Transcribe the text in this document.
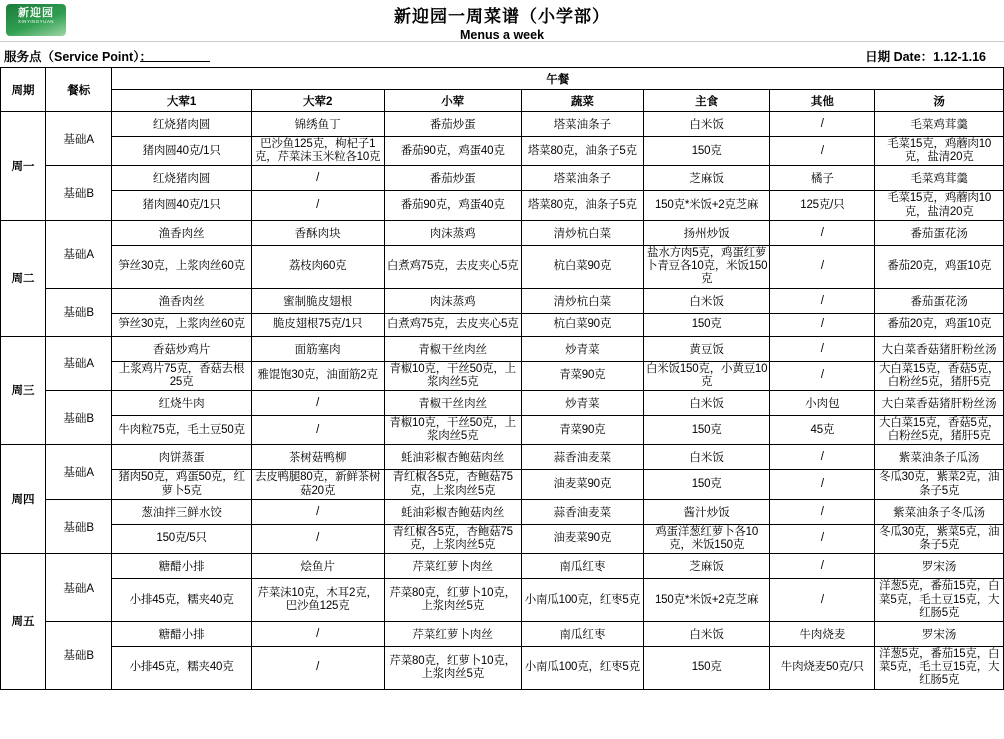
新迎园
XINYINGYUAN	新迎园一周菜谱（小学部）
Menus a week
服务点（Service Point）：	日期 Date：1.12-1.16
周期	餐标	午餐						
		大荤1	大荤2	小荤	蔬菜	主食	其他	汤
周一	基础A	红烧猪肉圆	锦绣鱼丁	番茄炒蛋	塔菜油条子	白米饭	/	毛菜鸡茸羹
		猪肉圆40克/1只	巴沙鱼125克，枸杞子1克，芹菜沫玉米粒各10克	番茄90克，鸡蛋40克	塔菜80克，油条子5克	150克	/	毛菜15克，鸡蘑肉10克，盐清20克
	基础B	红烧猪肉圆	/	番茄炒蛋	塔菜油条子	芝麻饭	橘子	毛菜鸡茸羹
		猪肉圆40克/1只	/	番茄90克，鸡蛋40克	塔菜80克，油条子5克	150克*米饭+2克芝麻	125克/只	毛菜15克，鸡蘑肉10克，盐清20克
周二	基础A	渔香肉丝	香酥肉块	肉沫蒸鸡	清炒杭白菜	扬州炒饭	/	番茄蛋花汤
		笋丝30克，上浆肉丝60克	荔枝肉60克	白煮鸡75克，去皮夹心5克	杭白菜90克	盐水方肉5克，鸡蛋红萝卜青豆各10克，米饭150克	/	番茄20克，鸡蛋10克
	基础B	渔香肉丝	蜜制脆皮翅根	肉沫蒸鸡	清炒杭白菜	白米饭	/	番茄蛋花汤
		笋丝30克，上浆肉丝60克	脆皮翅根75克/1只	白煮鸡75克，去皮夹心5克	杭白菜90克	150克	/	番茄20克，鸡蛋10克
周三	基础A	香菇炒鸡片	面筋塞肉	青椒干丝肉丝	炒青菜	黄豆饭	/	大白菜香菇猪肝粉丝汤
		上浆鸡片75克，香菇去根25克	雅馄饱30克，油面筋2克	青椒10克，干丝50克，上浆肉丝5克	青菜90克	白米饭150克，小黄豆10克	/	大白菜15克，香菇5克，白粉丝5克，猪肝5克
	基础B	红烧牛肉	/	青椒干丝肉丝	炒青菜	白米饭	小肉包	大白菜香菇猪肝粉丝汤
		牛肉粒75克，毛土豆50克	/	青椒10克，干丝50克，上浆肉丝5克	青菜90克	150克	45克	大白菜15克，香菇5克，白粉丝5克，猪肝5克
周四	基础A	肉饼蒸蛋	茶树菇鸭柳	蚝油彩椒杏鲍菇肉丝	蒜香油麦菜	白米饭	/	紫菜油条子瓜汤
		猪肉50克，鸡蛋50克，红萝卜5克	去皮鸭腿80克，新鲜茶树菇20克	青红椒各5克，杏鲍菇75克，上浆肉丝5克	油麦菜90克	150克	/	冬瓜30克，紫菜2克，油条子5克
	基础B	葱油拌三鲜水饺	/	蚝油彩椒杏鲍菇肉丝	蒜香油麦菜	酱汁炒饭	/	紫菜油条子冬瓜汤
		150克/5只	/	青红椒各5克，杏鲍菇75克，上浆肉丝5克	油麦菜90克	鸡蛋洋葱红萝卜各10克，米饭150克	/	冬瓜30克，紫菜5克，油条子5克
周五	基础A	糖醋小排	烩鱼片	芹菜红萝卜肉丝	南瓜红枣	芝麻饭	/	罗宋汤
		小排45克，糯夹40克	芹菜沫10克，木耳2克，巴沙鱼125克	芹菜80克，红萝卜10克，上浆肉丝5克	小南瓜100克，红枣5克	150克*米饭+2克芝麻	/	洋葱5克，番茄15克，白菜5克，毛土豆15克，大红肠5克
	基础B	糖醋小排	/	芹菜红萝卜肉丝	南瓜红枣	白米饭	牛肉烧麦	罗宋汤
		小排45克，糯夹40克	/	芹菜80克，红萝卜10克，上浆肉丝5克	小南瓜100克，红枣5克	150克	牛肉烧麦50克/只	洋葱5克，番茄15克，白菜5克，毛土豆15克，大红肠5克
